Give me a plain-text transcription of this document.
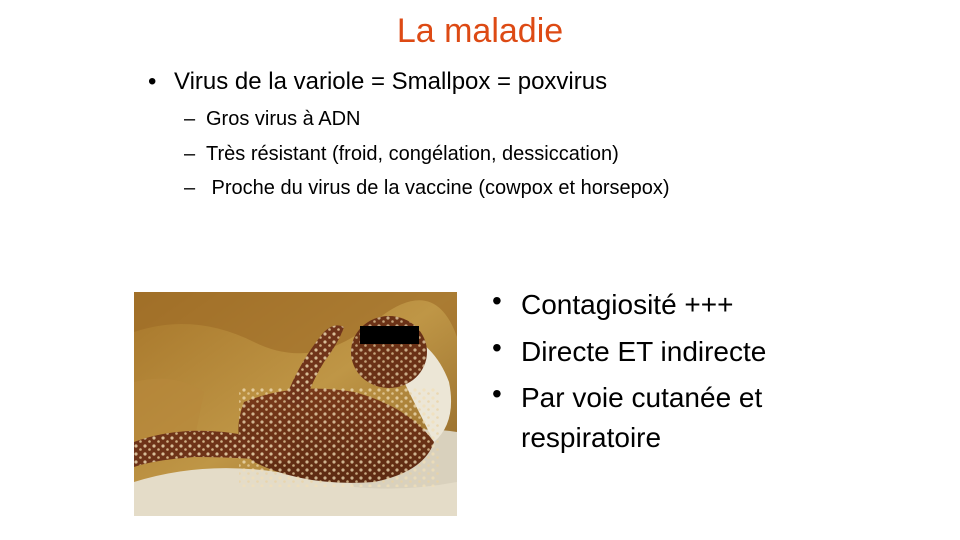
La maladie
• Virus de la variole = Smallpox = poxvirus
– Gros virus à ADN
– Très résistant (froid, congélation, dessiccation)
– Proche du virus de la vaccine (cowpox et horsepox)
• Contagiosité +++
• Directe ET indirecte
• Par voie cutanée et
respiratoire
